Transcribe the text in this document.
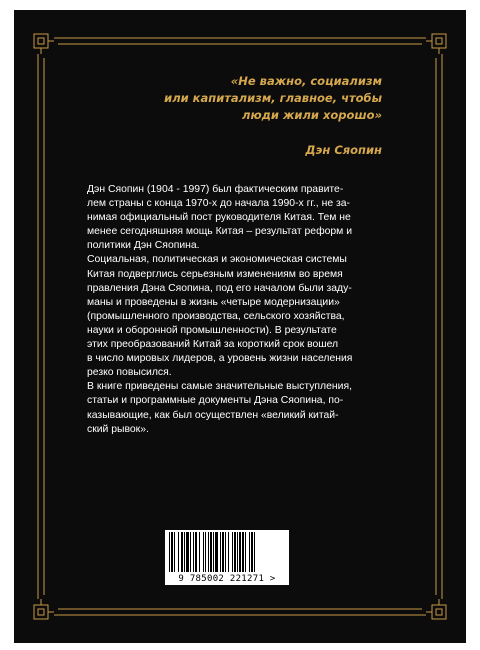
«Не важно, социализм
или капитализм, главное, чтобы
люди жили хорошо»
Дэн Сяопин

Дэн Сяопин (1904 - 1997) был фактическим правите-
лем страны с конца 1970-х до начала 1990-х гг., не за-
нимая официальный пост руководителя Китая. Тем не
менее сегодняшняя мощь Китая – результат реформ и
политики Дэн Сяопина.

Социальная, политическая и экономическая системы
Китая подверглись серьезным изменениям во время
правления Дэна Сяопина, под его началом были заду-
маны и проведены в жизнь «четыре модернизации»
(промышленного производства, сельского хозяйства,
науки и оборонной промышленности). В результате
этих преобразований Китай за короткий срок вошел
в число мировых лидеров, а уровень жизни населения
резко повысился.

В книге приведены самые значительные выступления,
статьи и программные документы Дэна Сяопина, по-
казывающие, как был осуществлен «великий китай-
ский рывок».

9 785002 221271 >
